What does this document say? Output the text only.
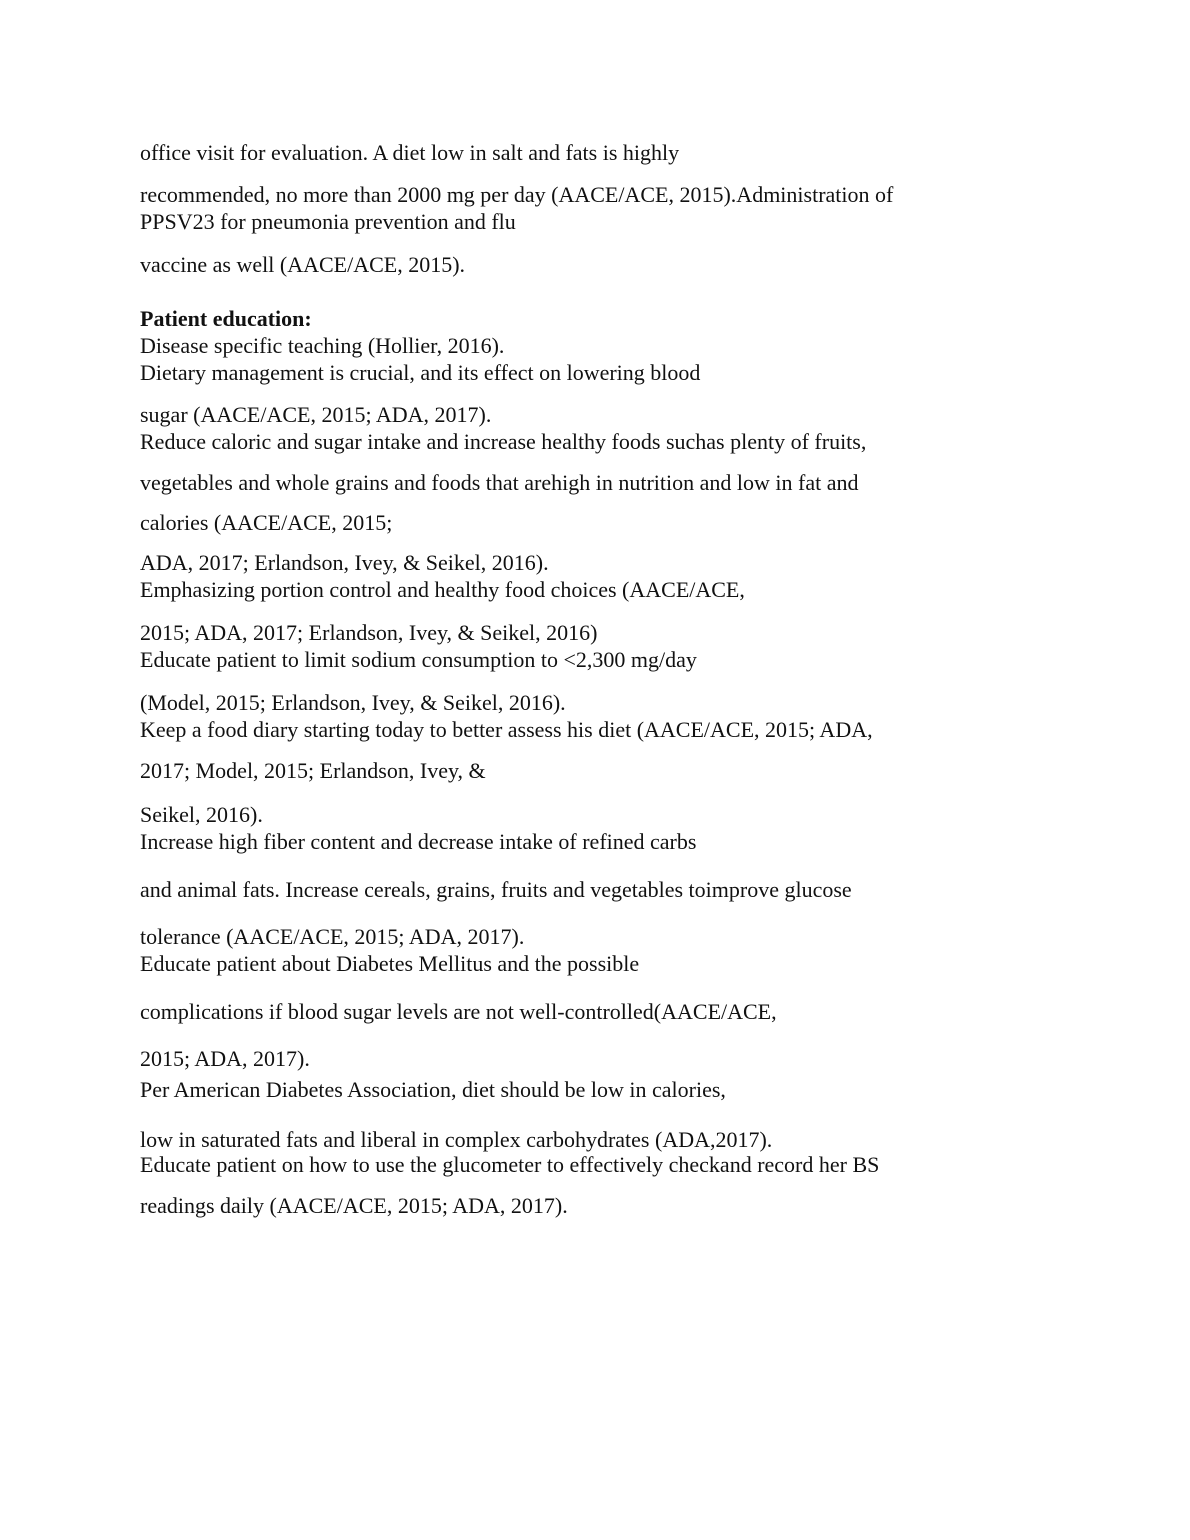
office visit for evaluation. A diet low in salt and fats is highly

recommended, no more than 2000 mg per day (AACE/ACE, 2015).Administration of

PPSV23 for pneumonia prevention and flu

vaccine as well (AACE/ACE, 2015).

Patient education:

Disease specific teaching (Hollier, 2016).

Dietary management is crucial, and its effect on lowering blood

sugar (AACE/ACE, 2015; ADA, 2017).

Reduce caloric and sugar intake and increase healthy foods suchas plenty of fruits,

vegetables and whole grains and foods that arehigh in nutrition and low in fat and

calories (AACE/ACE, 2015;

ADA, 2017; Erlandson, Ivey, & Seikel, 2016).

Emphasizing portion control and healthy food choices (AACE/ACE,

2015; ADA, 2017; Erlandson, Ivey, & Seikel, 2016)

Educate patient to limit sodium consumption to <2,300 mg/day

(Model, 2015; Erlandson, Ivey, & Seikel, 2016).

Keep a food diary starting today to better assess his diet (AACE/ACE, 2015; ADA,

2017; Model, 2015; Erlandson, Ivey, &

Seikel, 2016).

Increase high fiber content and decrease intake of refined carbs

and animal fats. Increase cereals, grains, fruits and vegetables toimprove glucose

tolerance (AACE/ACE, 2015; ADA, 2017).

Educate patient about Diabetes Mellitus and the possible

complications if blood sugar levels are not well-controlled(AACE/ACE,

2015; ADA, 2017).

Per American Diabetes Association, diet should be low in calories,

low in saturated fats and liberal in complex carbohydrates (ADA,2017).

Educate patient on how to use the glucometer to effectively checkand record her BS

readings daily (AACE/ACE, 2015; ADA, 2017).
